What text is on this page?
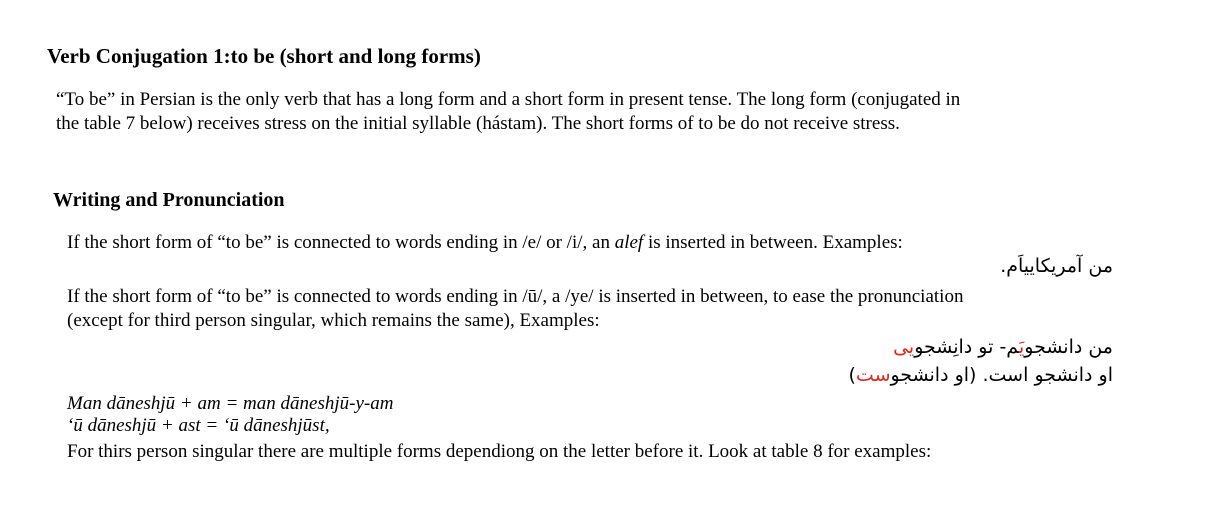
Verb Conjugation 1:to be (short and long forms)
“To be” in Persian is the only verb that has a long form and a short form in present tense. The long form (conjugated in
the table 7 below) receives stress on the initial syllable (hástam). The short forms of to be do not receive stress.
Writing and Pronunciation
If the short form of “to be” is connected to words ending in /e/ or /i/, an alef is inserted in between. Examples:
من آمریکاییاَم.
If the short form of “to be” is connected to words ending in /ū/, a /ye/ is inserted in between, to ease the pronunciation
(except for third person singular, which remains the same), Examples:
من دانشجویَم- تو دانِشجویی
او دانشجو است. (او دانشجوست)
Man dāneshjū + am = man dāneshjū-y-am
‘ū dāneshjū + ast = ‘ū dāneshjūst,
For thirs person singular there are multiple forms dependiong on the letter before it. Look at table 8 for examples:
